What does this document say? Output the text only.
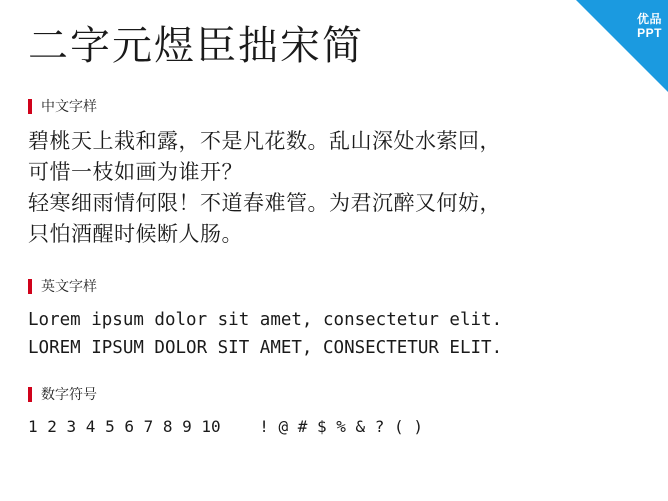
优品
PPT
二字元煜臣拙宋简
中文字样
碧桃天上栽和露，不是凡花数。乱山深处水萦回，
可惜一枝如画为谁开？
轻寒细雨情何限！不道春难管。为君沉醉又何妨，
只怕酒醒时候断人肠。
英文字样
Lorem ipsum dolor sit amet, consectetur elit.
LOREM IPSUM DOLOR SIT AMET, CONSECTETUR ELIT.
数字符号
1 2 3 4 5 6 7 8 9 10    ! @ # $ % & ? ( )
